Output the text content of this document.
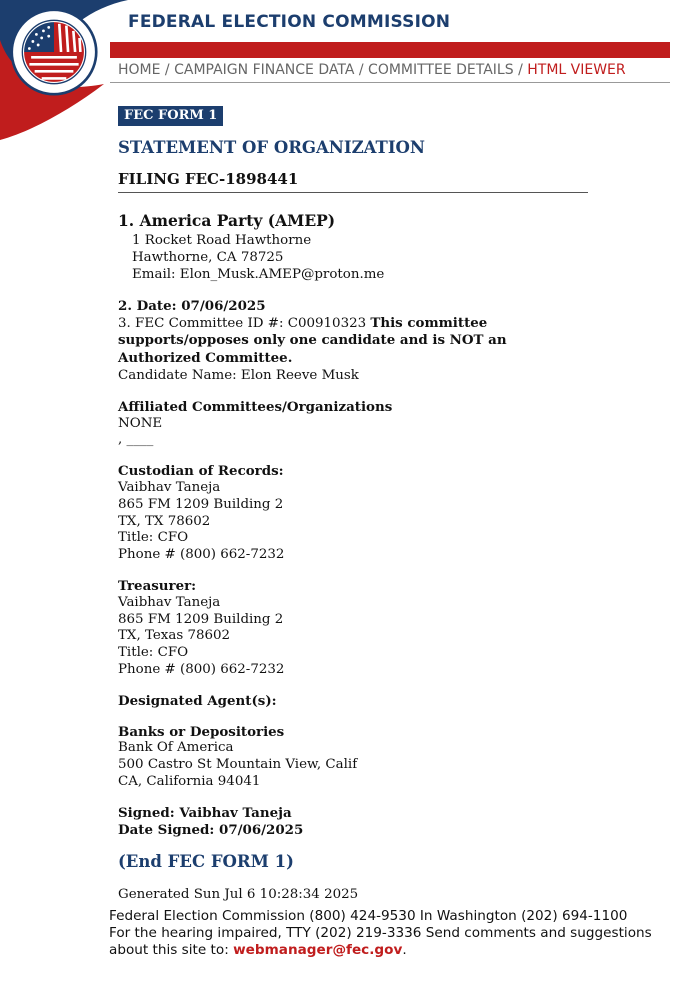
FEDERAL ELECTION COMMISSION
HOME / CAMPAIGN FINANCE DATA / COMMITTEE DETAILS / HTML VIEWER
FEC FORM 1
STATEMENT OF ORGANIZATION
FILING FEC-1898441
1. America Party (AMEP)
1 Rocket Road Hawthorne
Hawthorne, CA 78725
Email: Elon_Musk.AMEP@proton.me
2. Date: 07/06/2025
3. FEC Committee ID #: C00910323 This committee supports/opposes only one candidate and is NOT an Authorized Committee.
Candidate Name: Elon Reeve Musk
Affiliated Committees/Organizations
NONE
, ____
Custodian of Records:
Vaibhav Taneja
865 FM 1209 Building 2
TX, TX 78602
Title: CFO
Phone # (800) 662-7232
Treasurer:
Vaibhav Taneja
865 FM 1209 Building 2
TX, Texas 78602
Title: CFO
Phone # (800) 662-7232
Designated Agent(s):
Banks or Depositories
Bank Of America
500 Castro St Mountain View, Calif
CA, California 94041
Signed: Vaibhav Taneja
Date Signed: 07/06/2025
(End FEC FORM 1)
Generated Sun Jul 6 10:28:34 2025
Federal Election Commission (800) 424-9530 In Washington (202) 694-1100
For the hearing impaired, TTY (202) 219-3336 Send comments and suggestions
about this site to: webmanager@fec.gov.
